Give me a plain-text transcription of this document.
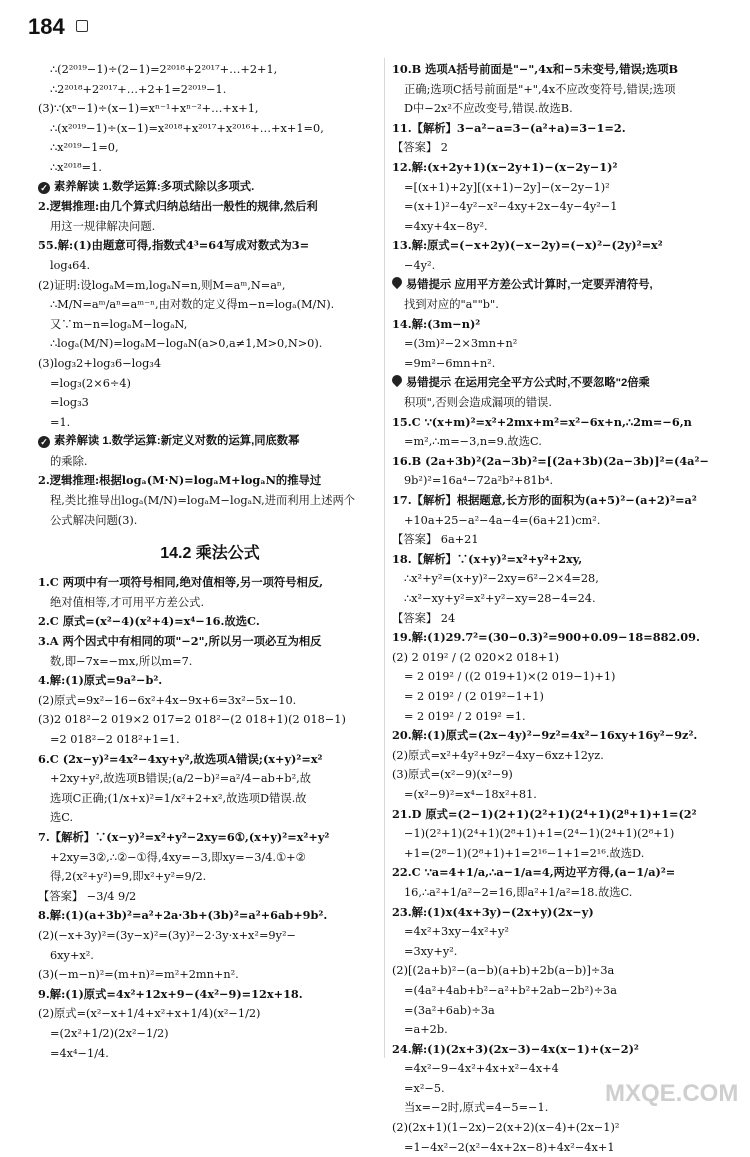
184
∴(2²⁰¹⁹−1)÷(2−1)=2²⁰¹⁸+2²⁰¹⁷+…+2+1,
∴2²⁰¹⁸+2²⁰¹⁷+…+2+1=2²⁰¹⁹−1.
(3)∵(xⁿ−1)÷(x−1)=xⁿ⁻¹+xⁿ⁻²+…+x+1,
∴(x²⁰¹⁹−1)÷(x−1)=x²⁰¹⁸+x²⁰¹⁷+x²⁰¹⁶+…+x+1=0,
∴x²⁰¹⁹−1=0,
∴x²⁰¹⁸=1.
✓ 素养解读 1.数学运算:多项式除以多项式.
2.逻辑推理:由几个算式归纳总结出一般性的规律,然后利
用这一规律解决问题.
55.解:(1)由题意可得,指数式4³=64写成对数式为3=
log₄64.
(2)证明:设logₐM=m,logₐN=n,则M=aᵐ,N=aⁿ,
∴M/N=aᵐ/aⁿ=aᵐ⁻ⁿ,由对数的定义得m−n=logₐ(M/N).
又∵m−n=logₐM−logₐN,
∴logₐ(M/N)=logₐM−logₐN(a>0,a≠1,M>0,N>0).
(3)log₃2+log₃6−log₃4
=log₃(2×6÷4)
=log₃3
=1.
✓ 素养解读 1.数学运算:新定义对数的运算,同底数幂
的乘除.
2.逻辑推理:根据logₐ(M·N)=logₐM+logₐN的推导过
程,类比推导出logₐ(M/N)=logₐM−logₐN,进而利用上述两个
公式解决问题(3).
14.2 乘法公式
1.C 两项中有一项符号相同,绝对值相等,另一项符号相反,
绝对值相等,才可用平方差公式.
2.C 原式=(x²−4)(x²+4)=x⁴−16.故选C.
3.A 两个因式中有相同的项"−2",所以另一项必互为相反
数,即−7x=−mx,所以m=7.
4.解:(1)原式=9a²−b².
(2)原式=9x²−16−6x²+4x−9x+6=3x²−5x−10.
(3)2 018²−2 019×2 017=2 018²−(2 018+1)(2 018−1)
=2 018²−2 018²+1=1.
6.C (2x−y)²=4x²−4xy+y²,故选项A错误;(x+y)²=x²
+2xy+y²,故选项B错误;(a/2−b)²=a²/4−ab+b²,故
选项C正确;(1/x+x)²=1/x²+2+x²,故选项D错误.故
选C.
7.【解析】∵(x−y)²=x²+y²−2xy=6①,(x+y)²=x²+y²
+2xy=3②,∴②−①得,4xy=−3,即xy=−3/4.①+②
得,2(x²+y²)=9,即x²+y²=9/2.
【答案】 −3/4 9/2
8.解:(1)(a+3b)²=a²+2a·3b+(3b)²=a²+6ab+9b².
(2)(−x+3y)²=(3y−x)²=(3y)²−2·3y·x+x²=9y²−
6xy+x².
(3)(−m−n)²=(m+n)²=m²+2mn+n².
9.解:(1)原式=4x²+12x+9−(4x²−9)=12x+18.
(2)原式=(x²−x+1/4+x²+x+1/4)(x²−1/2)
=(2x²+1/2)(2x²−1/2)
=4x⁴−1/4.
10.B 选项A括号前面是"−",4x和−5未变号,错误;选项B
正确;选项C括号前面是"+",4x不应改变符号,错误;选项
D中−2x²不应改变号,错误.故选B.
11.【解析】3−a²−a=3−(a²+a)=3−1=2.
【答案】 2
12.解:(x+2y+1)(x−2y+1)−(x−2y−1)²
=[(x+1)+2y][(x+1)−2y]−(x−2y−1)²
=(x+1)²−4y²−x²−4xy+2x−4y−4y²−1
=4xy+4x−8y².
13.解:原式=(−x+2y)(−x−2y)=(−x)²−(2y)²=x²
−4y².
易错提示 应用平方差公式计算时,一定要弄清符号,
找到对应的"a""b".
14.解:(3m−n)²
=(3m)²−2×3mn+n²
=9m²−6mn+n².
易错提示 在运用完全平方公式时,不要忽略"2倍乘
积项",否则会造成漏项的错误.
15.C ∵(x+m)²=x²+2mx+m²=x²−6x+n,∴2m=−6,n
=m²,∴m=−3,n=9.故选C.
16.B (2a+3b)²(2a−3b)²=[(2a+3b)(2a−3b)]²=(4a²−
9b²)²=16a⁴−72a²b²+81b⁴.
17.【解析】根据题意,长方形的面积为(a+5)²−(a+2)²=a²
+10a+25−a²−4a−4=(6a+21)cm².
【答案】 6a+21
18.【解析】∵(x+y)²=x²+y²+2xy,
∴x²+y²=(x+y)²−2xy=6²−2×4=28,
∴x²−xy+y²=x²+y²−xy=28−4=24.
【答案】 24
19.解:(1)29.7²=(30−0.3)²=900+0.09−18=882.09.
(2) 2 019² / (2 020×2 018+1)
= 2 019² / ((2 019+1)×(2 019−1)+1)
= 2 019² / (2 019²−1+1)
= 2 019² / 2 019² =1.
20.解:(1)原式=(2x−4y)²−9z²=4x²−16xy+16y²−9z².
(2)原式=x²+4y²+9z²−4xy−6xz+12yz.
(3)原式=(x²−9)(x²−9)
=(x²−9)²=x⁴−18x²+81.
21.D 原式=(2−1)(2+1)(2²+1)(2⁴+1)(2⁸+1)+1=(2²
−1)(2²+1)(2⁴+1)(2⁸+1)+1=(2⁴−1)(2⁴+1)(2⁸+1)
+1=(2⁸−1)(2⁸+1)+1=2¹⁶−1+1=2¹⁶.故选D.
22.C ∵a=4+1/a,∴a−1/a=4,两边平方得,(a−1/a)²=
16,∴a²+1/a²−2=16,即a²+1/a²=18.故选C.
23.解:(1)x(4x+3y)−(2x+y)(2x−y)
=4x²+3xy−4x²+y²
=3xy+y².
(2)[(2a+b)²−(a−b)(a+b)+2b(a−b)]÷3a
=(4a²+4ab+b²−a²+b²+2ab−2b²)÷3a
=(3a²+6ab)÷3a
=a+2b.
24.解:(1)(2x+3)(2x−3)−4x(x−1)+(x−2)²
=4x²−9−4x²+4x+x²−4x+4
=x²−5.
当x=−2时,原式=4−5=−1.
(2)(2x+1)(1−2x)−2(x+2)(x−4)+(2x−1)²
=1−4x²−2(x²−4x+2x−8)+4x²−4x+1
MXQE.COM
